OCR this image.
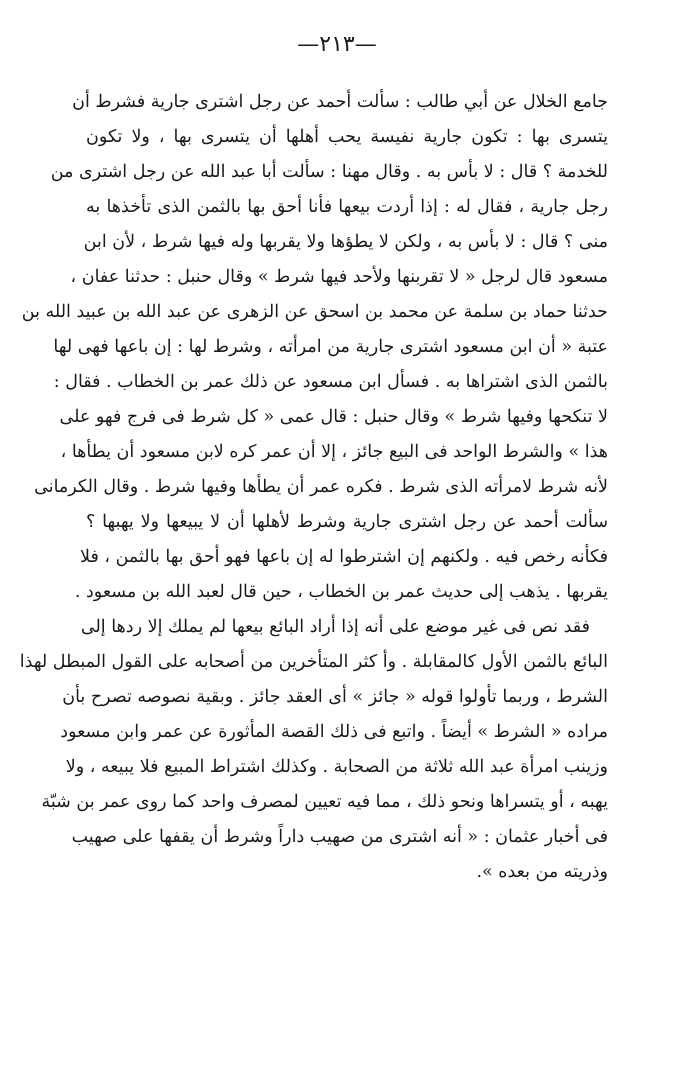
—٢١٣—
جامع الخلال عن أبي طالب : سألت أحمد عن رجل اشترى جارية فشرط أن
يتسرى بها : تكون جارية نفيسة يحب أهلها أن يتسرى بها ، ولا تكون
للخدمة ؟ قال : لا بأس به . وقال مهنا : سألت أبا عبد الله عن رجل اشترى من
رجل جارية ، فقال له : إذا أردت بيعها فأنا أحق بها بالثمن الذى تأخذها به
منى ؟ قال : لا بأس به ، ولكن لا يطؤها ولا يقربها وله فيها شرط ، لأن ابن
مسعود قال لرجل « لا تقربنها ولأحد فيها شرط » وقال حنبل : حدثنا عفان ،
حدثنا حماد بن سلمة عن محمد بن اسحق عن الزهرى عن عبد الله بن عبيد الله بن
عتبة « أن ابن مسعود اشترى جارية من امرأته ، وشرط لها : إن باعها فهى لها
بالثمن الذى اشتراها به . فسأل ابن مسعود عن ذلك عمر بن الخطاب . فقال :
لا تنكحها وفيها شرط » وقال حنبل : قال عمى « كل شرط فى فرج فهو على
هذا » والشرط الواحد فى البيع جائز ، إلا أن عمر كره لابن مسعود أن يطأها ،
لأنه شرط لامرأته الذى شرط . فكره عمر أن يطأها وفيها شرط . وقال الكرمانى
سألت أحمد عن رجل اشترى جارية وشرط لأهلها أن لا يبيعها ولا يهبها ؟
فكأنه رخص فيه . ولكنهم إن اشترطوا له إن باعها فهو أحق بها بالثمن ، فلا
يقربها . يذهب إلى حديث عمر بن الخطاب ، حين قال لعبد الله بن مسعود .
فقد نص فى غير موضع على أنه إذا أراد البائع بيعها لم يملك إلا ردها إلى
البائع بالثمن الأول كالمقابلة . وأ كثر المتأخرين من أصحابه على القول المبطل لهذا
الشرط ، وربما تأولوا قوله « جائز » أى العقد جائز . وبقية نصوصه تصرح بأن
مراده « الشرط » أيضاً . واتبع فى ذلك القصة المأثورة عن عمر وابن مسعود
وزينب امرأة عبد الله ثلاثة من الصحابة . وكذلك اشتراط المبيع فلا يبيعه ، ولا
يهبه ، أو يتسراها ونحو ذلك ، مما فيه تعيين لمصرف واحد كما روى عمر بن شبّة
فى أخبار عثمان : « أنه اشترى من صهيب داراً وشرط أن يقفها على صهيب
وذريته من بعده ».
